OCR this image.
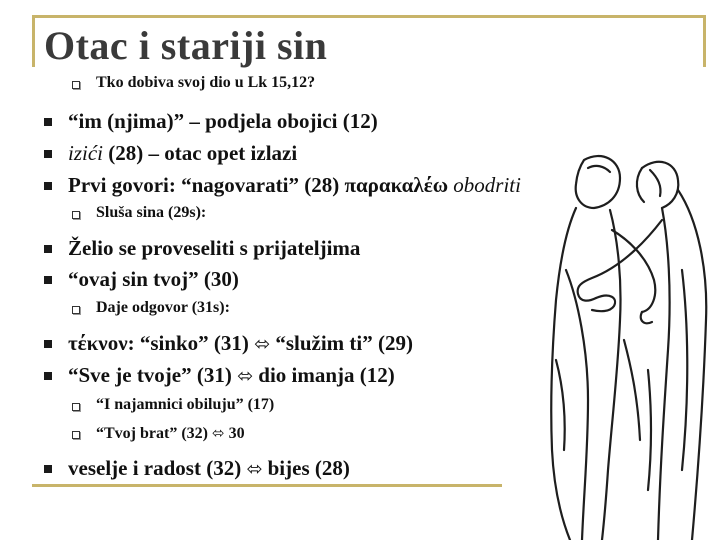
Otac i stariji sin
Tko dobiva svoj dio u Lk 15,12?
“im (njima)” – podjela obojici (12)
izići (28) – otac opet izlazi
Prvi govori: “nagovarati” (28) παρακαλέω obodriti
Sluša sina (29s):
Želio se proveseliti s prijateljima
“ovaj sin tvoj” (30)
Daje odgovor (31s):
τέκνον: “sinko” (31) ⬄ “služim ti” (29)
“Sve je tvoje” (31) ⬄ dio imanja (12)
“I najamnici obiluju” (17)
“Tvoj brat” (32) ⬄ 30
veselje i radost (32) ⬄ bijes (28)
